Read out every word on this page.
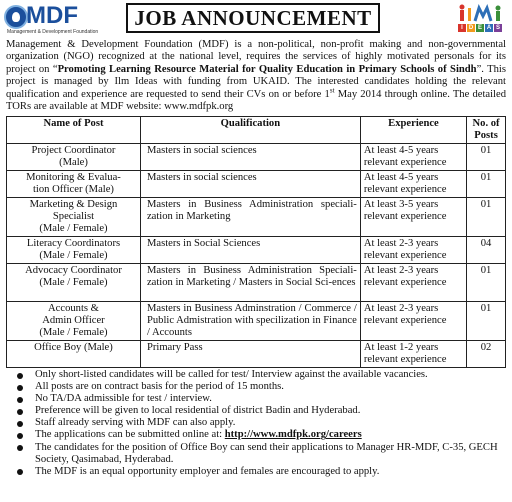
MDF
Management & Development Foundation
JOB ANNOUNCEMENT	I	D E A S
Management & Development Foundation (MDF) is a non-political, non-profit making and non-governmental organization (NGO) recognized at the national level, requires the services of highly motivated personals for its project on “Promoting Learning Resource Material for Quality Education in Primary Schools of Sindh”. This project is managed by Ilm Ideas with funding from UKAID. The interested candidates holding the relevant qualification and experience are requested to send their CVs on or before 1st May 2014 through online. The detailed TORs are available at MDF website: www.mdfpk.org
Name of Post	Qualification	Experience	No. of Posts

Project Coordinator
(Male)	Masters in social sciences	At least 4-5 years relevant experience	01

Monitoring & Evalua-
tion Officer (Male)	Masters in social sciences	At least 4-5 years relevant experience	01

Marketing & Design
Specialist
(Male / Female)	Masters in Business Administration speciali-zation in Marketing	At least 3-5 years relevant experience	01

Literacy Coordinators
(Male / Female)	Masters in Social Sciences	At least 2-3 years relevant experience	04

Advocacy Coordinator
(Male / Female)	Masters in Business Administration Speciali-zation in Marketing / Masters in Social Sci-ences	At least 2-3 years relevant experience	01

Accounts &
Admin Officer
(Male / Female)	Masters in Business Adminstration / Commerce / Public Admistration with specilization in Finance / Accounts	At least 2-3 years relevant experience	01

Office Boy (Male)	Primary Pass	At least 1-2 years relevant experience	02
Only short-listed candidates will be called for test/ Interview against the available vacancies.
All posts are on contract basis for the period of 15 months.
No TA/DA admissible for test / interview.
Preference will be given to local residential of district Badin and Hyderabad.
Staff already serving with MDF can also apply.
The applications can be submitted online at: http://www.mdfpk.org/careers
The candidates for the position of Office Boy can send their applications to Manager HR-MDF, C-35, GECH Society, Qasimabad, Hyderabad.
The MDF is an equal opportunity employer and females are encouraged to apply.
